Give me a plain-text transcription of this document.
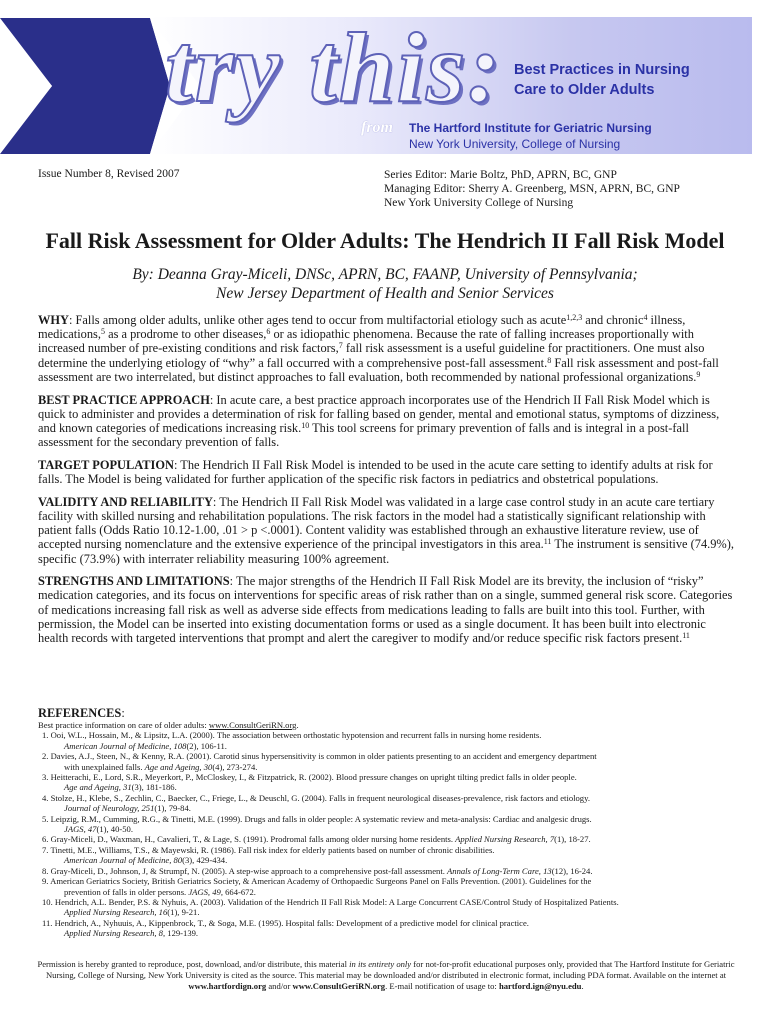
try this: Best Practices in Nursing
Care to Older Adults
from The Hartford Institute for Geriatric Nursing
New York University, College of Nursing
Issue Number 8, Revised 2007	Series Editor: Marie Boltz, PhD, APRN, BC, GNP
Managing Editor: Sherry A. Greenberg, MSN, APRN, BC, GNP
New York University College of Nursing
Fall Risk Assessment for Older Adults: The Hendrich II Fall Risk Model
By: Deanna Gray-Miceli, DNSc, APRN, BC, FAANP, University of Pennsylvania;
New Jersey Department of Health and Senior Services

WHY: Falls among older adults, unlike other ages tend to occur from multifactorial etiology such as acute$^{1,2,3}$ and chronic$^4$ illness, medications,$^5$ as a prodrome to other diseases,$^6$ or as idiopathic phenomena. Because the rate of falling increases proportionally with increased number of pre-existing conditions and risk factors,$^7$ fall risk assessment is a useful guideline for practitioners. One must also determine the underlying etiology of “why” a fall occurred with a comprehensive post-fall assessment.$^8$ Fall risk assessment and post-fall assessment are two interrelated, but distinct approaches to fall evaluation, both recommended by national professional organizations.$^9$

BEST PRACTICE APPROACH: In acute care, a best practice approach incorporates use of the Hendrich II Fall Risk Model which is quick to administer and provides a determination of risk for falling based on gender, mental and emotional status, symptoms of dizziness, and known categories of medications increasing risk.$^{10}$ This tool screens for primary prevention of falls and is integral in a post-fall assessment for the secondary prevention of falls.

TARGET POPULATION: The Hendrich II Fall Risk Model is intended to be used in the acute care setting to identify adults at risk for falls. The Model is being validated for further application of the specific risk factors in pediatrics and obstetrical populations.

VALIDITY AND RELIABILITY: The Hendrich II Fall Risk Model was validated in a large case control study in an acute care tertiary facility with skilled nursing and rehabilitation populations. The risk factors in the model had a statistically significant relationship with patient falls (Odds Ratio 10.12-1.00, .01 > p <.0001). Content validity was established through an exhaustive literature review, use of accepted nursing nomenclature and the extensive experience of the principal investigators in this area.$^{11}$ The instrument is sensitive (74.9%), specific (73.9%) with interrater reliability measuring 100% agreement.

STRENGTHS AND LIMITATIONS: The major strengths of the Hendrich II Fall Risk Model are its brevity, the inclusion of “risky” medication categories, and its focus on interventions for specific areas of risk rather than on a single, summed general risk score. Categories of medications increasing fall risk as well as adverse side effects from medications leading to falls are built into this tool. Further, with permission, the Model can be inserted into existing documentation forms or used as a single document. It has been built into electronic health records with targeted interventions that prompt and alert the caregiver to modify and/or reduce specific risk factors present.$^{11}$

REFERENCES:
Best practice information on care of older adults: www.ConsultGeriRN.org.
1. Ooi, W.L., Hossain, M., & Lipsitz, L.A. (2000). The association between orthostatic hypotension and recurrent falls in nursing home residents.
American Journal of Medicine, 108(2), 106-11.
2. Davies, A.J., Steen, N., & Kenny, R.A. (2001). Carotid sinus hypersensitivity is common in older patients presenting to an accident and emergency department
with unexplained falls. Age and Ageing, 30(4), 273-274.
3. Heitterachi, E., Lord, S.R., Meyerkort, P., McCloskey, I., & Fitzpatrick, R. (2002). Blood pressure changes on upright tilting predict falls in older people.
Age and Ageing, 31(3), 181-186.
4. Stolze, H., Klebe, S., Zechlin, C., Baecker, C., Friege, L., & Deuschl, G. (2004). Falls in frequent neurological diseases-prevalence, risk factors and etiology.
Journal of Neurology, 251(1), 79-84.
5. Leipzig, R.M., Cumming, R.G., & Tinetti, M.E. (1999). Drugs and falls in older people: A systematic review and meta-analysis: Cardiac and analgesic drugs.
JAGS, 47(1), 40-50.
6. Gray-Miceli, D., Waxman, H., Cavalieri, T., & Lage, S. (1991). Prodromal falls among older nursing home residents. Applied Nursing Research, 7(1), 18-27.
7. Tinetti, M.E., Williams, T.S., & Mayewski, R. (1986). Fall risk index for elderly patients based on number of chronic disabilities.
American Journal of Medicine, 80(3), 429-434.
8. Gray-Miceli, D., Johnson, J, & Strumpf, N. (2005). A step-wise approach to a comprehensive post-fall assessment. Annals of Long-Term Care, 13(12), 16-24.
9. American Geriatrics Society, British Geriatrics Society, & American Academy of Orthopaedic Surgeons Panel on Falls Prevention. (2001). Guidelines for the
prevention of falls in older persons. JAGS, 49, 664-672.
10. Hendrich, A.L. Bender, P.S. & Nyhuis, A. (2003). Validation of the Hendrich II Fall Risk Model: A Large Concurrent CASE/Control Study of Hospitalized Patients.
Applied Nursing Research, 16(1), 9-21.
11. Hendrich, A., Nyhuuis, A., Kippenbrock, T., & Soga, M.E. (1995). Hospital falls: Development of a predictive model for clinical practice.
Applied Nursing Research, 8, 129-139.
Permission is hereby granted to reproduce, post, download, and/or distribute, this material in its entirety only for not-for-profit educational purposes only, provided that The Hartford Institute for Geriatric Nursing, College of Nursing, New York University is cited as the source. This material may be downloaded and/or distributed in electronic format, including PDA format. Available on the internet at www.hartfordign.org and/or www.ConsultGeriRN.org. E-mail notification of usage to: hartford.ign@nyu.edu.
